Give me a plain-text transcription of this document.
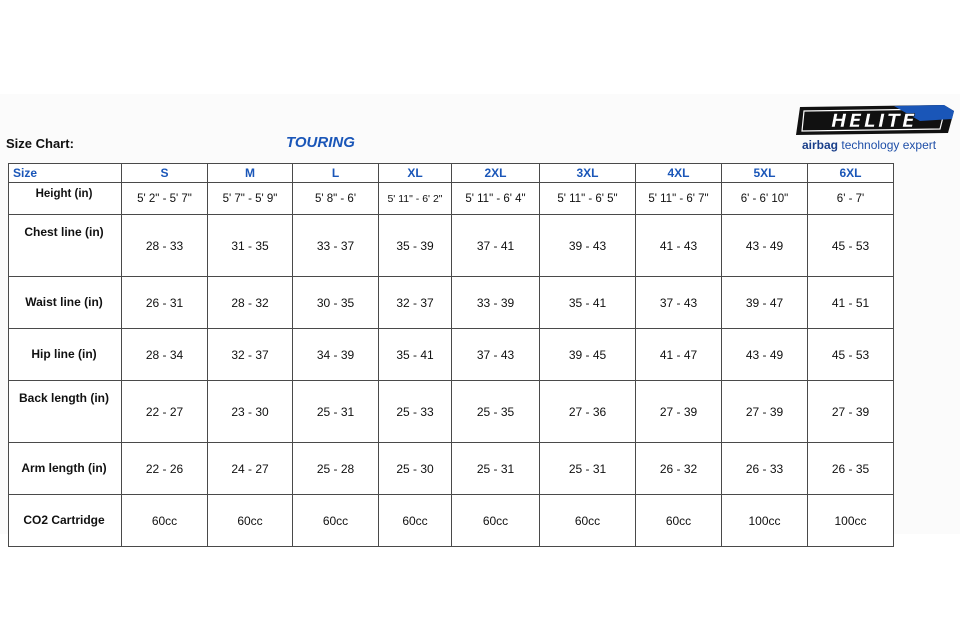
Size Chart:	TOURING
HELITE
airbag technology expert
Size	S	M	L	XL	2XL	3XL	4XL	5XL	6XL
Height (in)	5' 2" - 5' 7"	5' 7" - 5' 9"	5' 8" - 6'	5' 11" - 6' 2"	5' 11" - 6' 4"	5' 11" - 6' 5"	5' 11" - 6' 7"	6' - 6' 10"	6' - 7'
Chest line (in)	28 - 33	31 - 35	33 - 37	35 - 39	37 - 41	39 - 43	41 - 43	43 - 49	45 - 53
Waist line (in)	26 - 31	28 - 32	30 - 35	32 - 37	33 - 39	35 - 41	37 - 43	39 - 47	41 - 51
Hip line (in)	28 - 34	32 - 37	34 - 39	35 - 41	37 - 43	39 - 45	41 - 47	43 - 49	45 - 53
Back length (in)	22 - 27	23 - 30	25 - 31	25 - 33	25 - 35	27 - 36	27 - 39	27 - 39	27 - 39
Arm length (in)	22 - 26	24 - 27	25 - 28	25 - 30	25 - 31	25 - 31	26 - 32	26 - 33	26 - 35
CO2 Cartridge	60cc	60cc	60cc	60cc	60cc	60cc	60cc	100cc	100cc
